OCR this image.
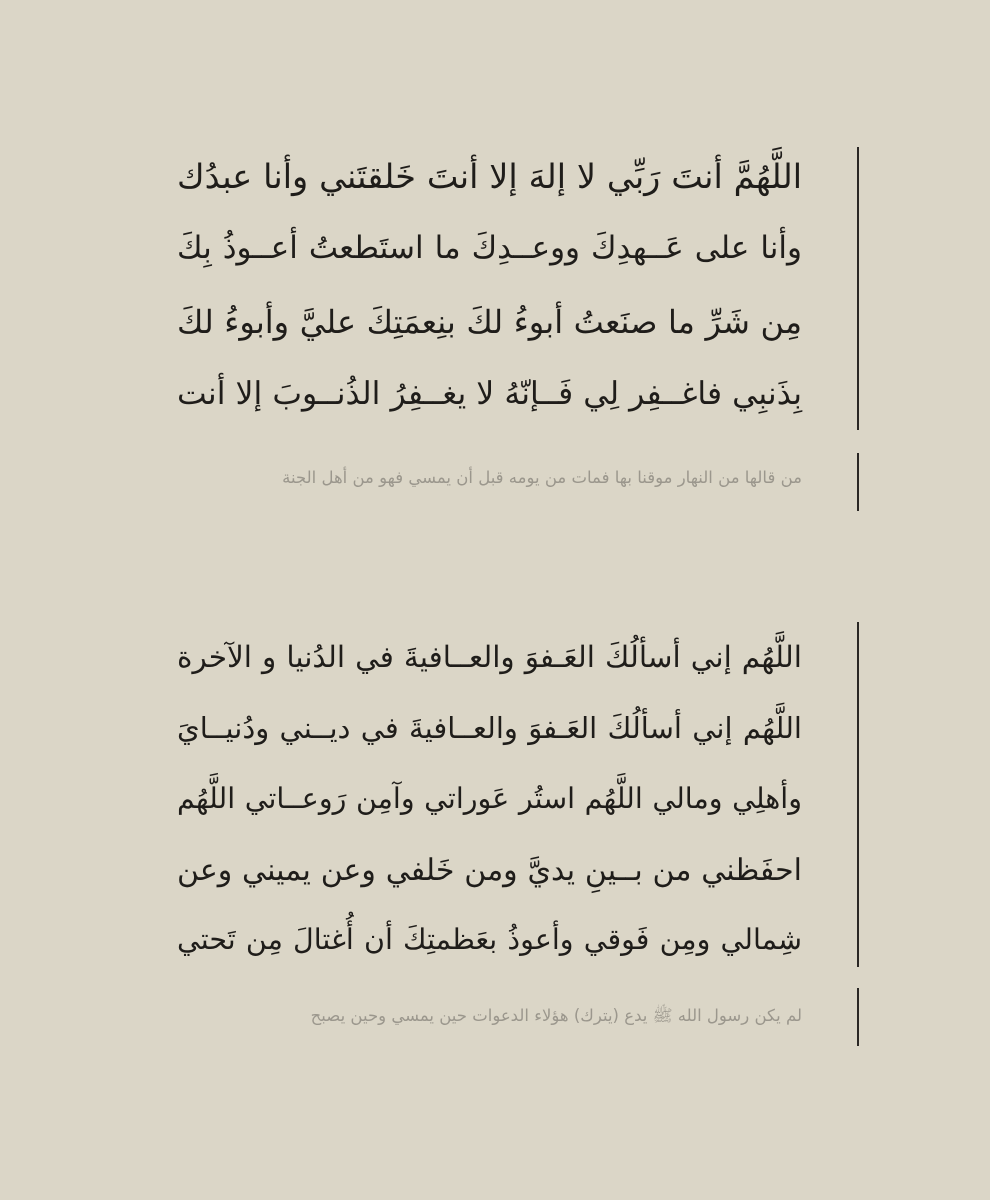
اللَّهُمَّ أنتَ رَبِّي لا إلهَ إلا أنتَ خَلقتَني وأنا عبدُك
وأنا على عَــهدِكَ ووعــدِكَ ما استَطعتُ أعــوذُ بِكَ
مِن شَرِّ ما صنَعتُ أبوءُ لكَ بنِعمَتِكَ عليَّ وأبوءُ لكَ
بِذَنبِي فاغــفِر لِي فَــإنّهُ لا يغــفِرُ الذُنــوبَ إلا أنت
من قالها من النهار موقنا بها فمات من يومه قبل أن يمسي فهو من أهل الجنة
اللَّهُم إني أسألُكَ العَـفوَ والعــافيةَ في الدُنيا و الآخرة
اللَّهُم إني أسألُكَ العَـفوَ والعــافيةَ في ديــني ودُنيــايَ
وأهلِي ومالي اللَّهُم استُر عَوراتي وآمِن رَوعــاتي اللَّهُم
احفَظني من بــينِ يديَّ ومن خَلفي وعن يميني وعن
شِمالي ومِن فَوقي وأعوذُ بعَظمتِكَ أن أُغتالَ مِن تَحتي
لم يكن رسول الله ﷺ يدع (يترك) هؤلاء الدعوات حين يمسي وحين يصبح
